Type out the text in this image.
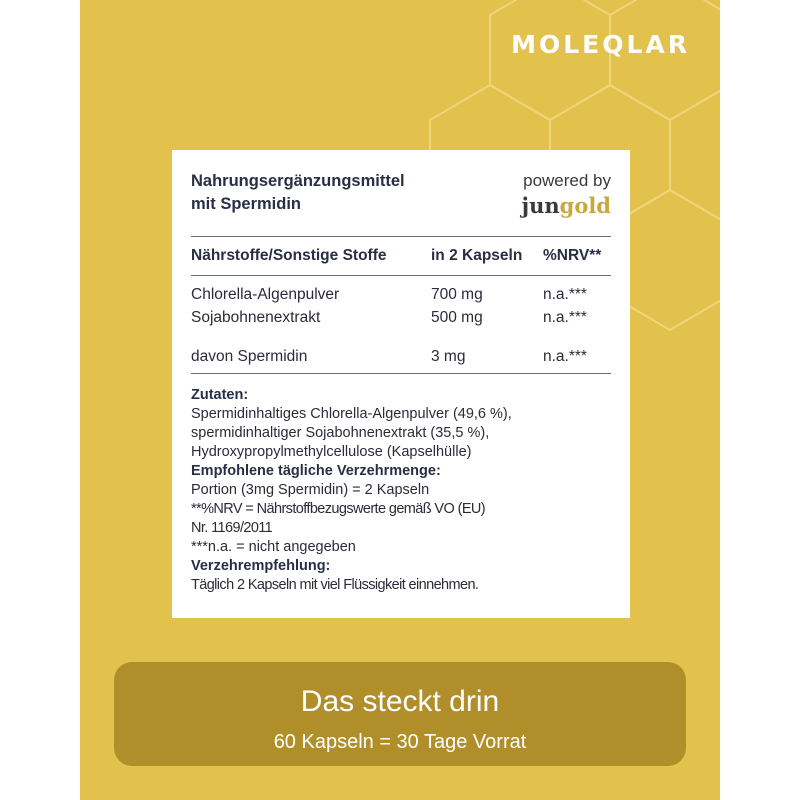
MOLEQLAR
Nahrungsergänzungsmittel
mit Spermidin
powered by
jungold
Nährstoffe/Sonstige Stoffe	in 2 Kapseln	%NRV**
Chlorella-Algenpulver	700 mg	n.a.***
Sojabohnenextrakt	500 mg	n.a.***
davon Spermidin	3 mg	n.a.***
Zutaten:
Spermidinhaltiges Chlorella-Algenpulver (49,6 %),
spermidinhaltiger Sojabohnenextrakt (35,5 %),
Hydroxypropylmethylcellulose (Kapselhülle)
Empfohlene tägliche Verzehrmenge:
Portion (3mg Spermidin) = 2 Kapseln
**%NRV = Nährstoffbezugswerte gemäß VO (EU)
Nr. 1169/2011
***n.a. = nicht angegeben
Verzehrempfehlung:
Täglich 2 Kapseln mit viel Flüssigkeit einnehmen.
Das steckt drin
60 Kapseln = 30 Tage Vorrat
